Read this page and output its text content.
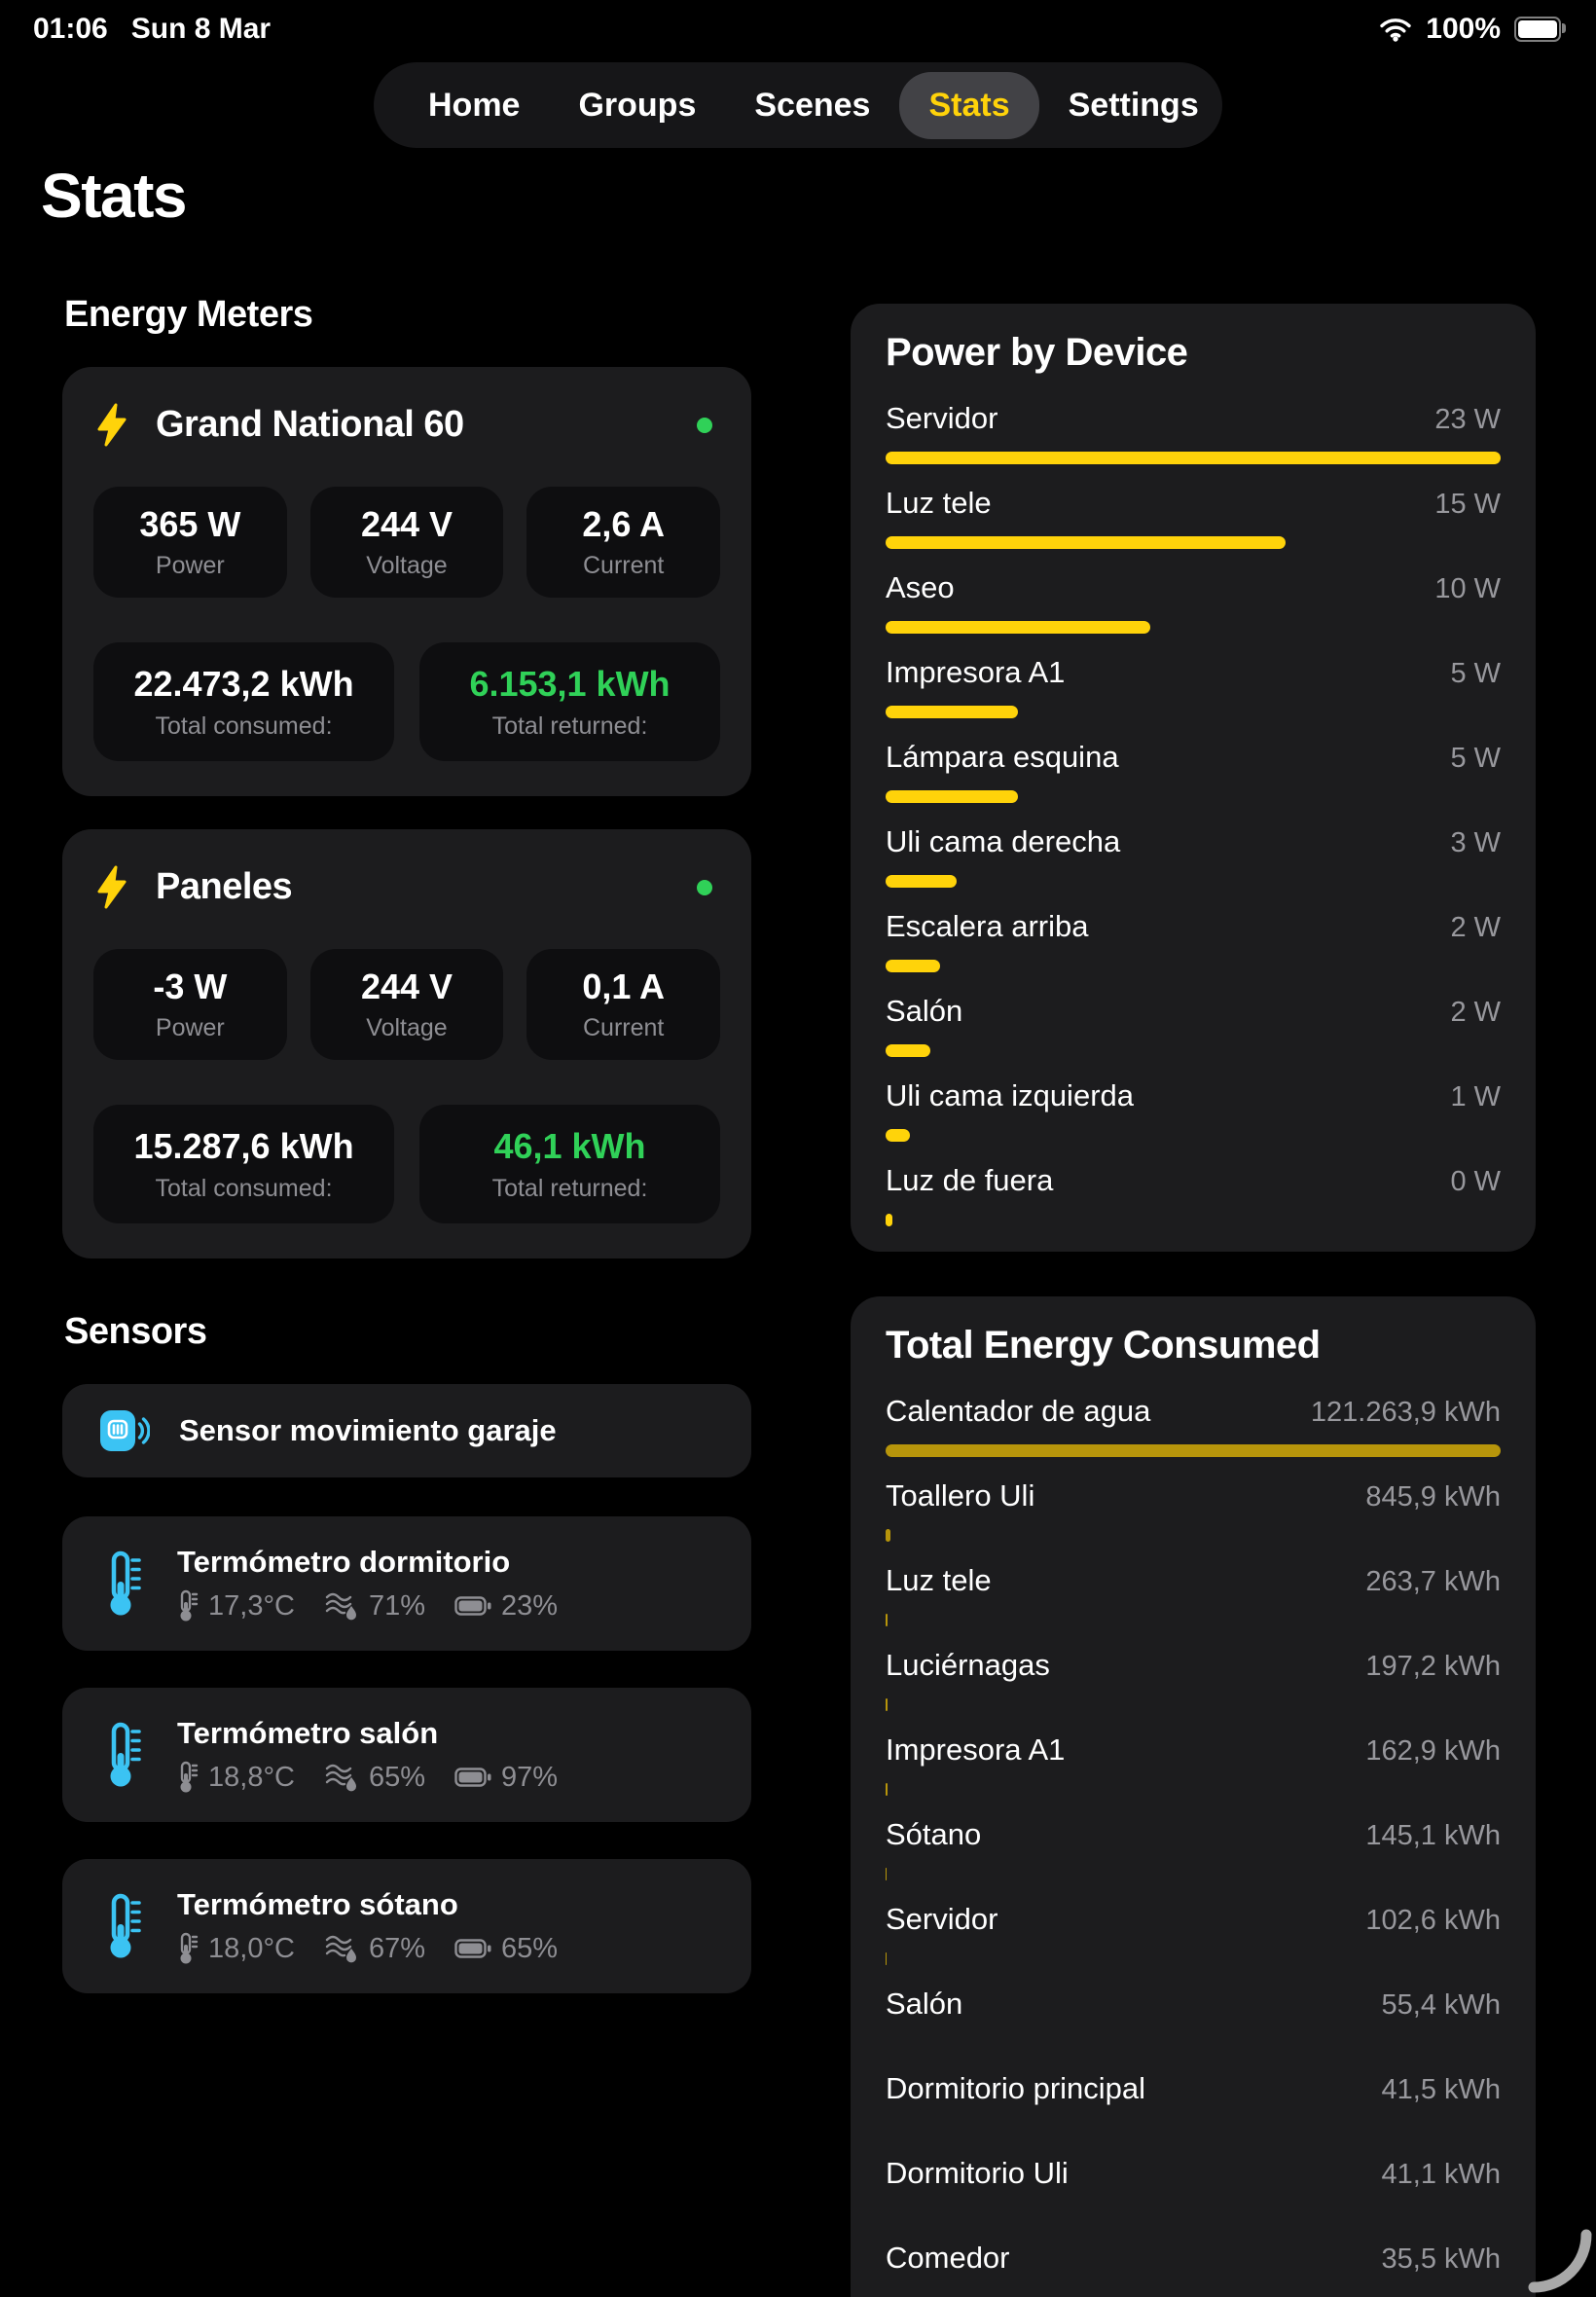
01:06 Sun 8 Mar	100%
Home	Groups	Scenes	Stats	Settings
Stats
Energy Meters
Grand National 60
365 W
Power
244 V
Voltage
2,6 A
Current
22.473,2 kWh
Total consumed:
6.153,1 kWh
Total returned:
Paneles
-3 W
Power
244 V
Voltage
0,1 A
Current
15.287,6 kWh
Total consumed:
46,1 kWh
Total returned:
Sensors
Sensor movimiento garaje
Termómetro dormitorio
17,3°C	71%	23%
Termómetro salón
18,8°C	65%	97%
Termómetro sótano
18,0°C	67%	65%
Power by Device
Servidor	23 W
Luz tele	15 W
Aseo	10 W
Impresora A1	5 W
Lámpara esquina	5 W
Uli cama derecha	3 W
Escalera arriba	2 W
Salón	2 W
Uli cama izquierda	1 W
Luz de fuera	0 W
Total Energy Consumed
Calentador de agua	121.263,9 kWh
Toallero Uli	845,9 kWh
Luz tele	263,7 kWh
Luciérnagas	197,2 kWh
Impresora A1	162,9 kWh
Sótano	145,1 kWh
Servidor	102,6 kWh
Salón	55,4 kWh
Dormitorio principal	41,5 kWh
Dormitorio Uli	41,1 kWh
Comedor	35,5 kWh
